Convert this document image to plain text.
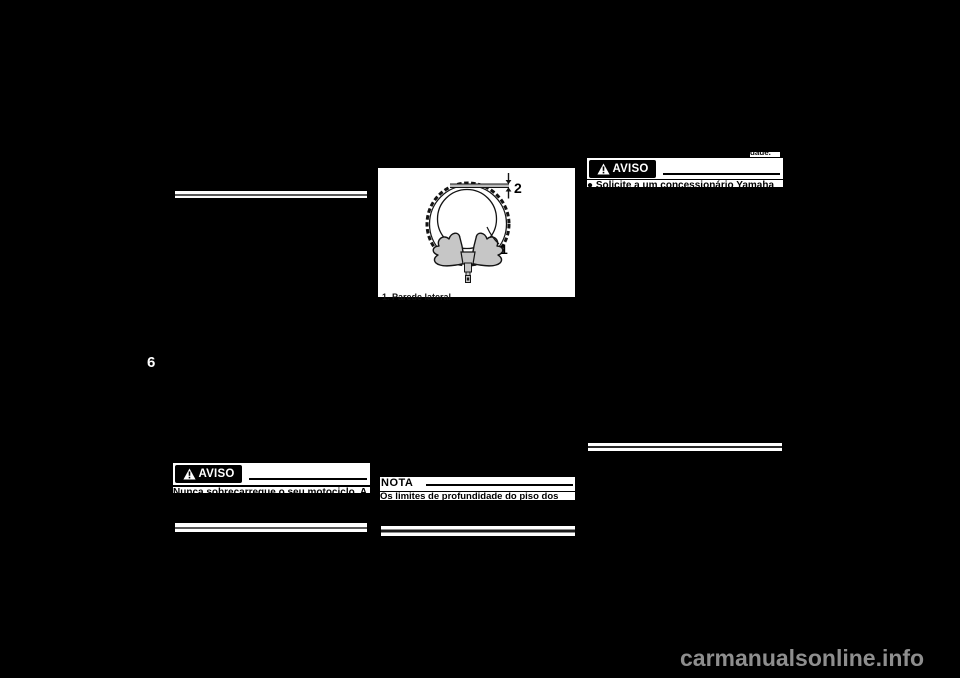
6
2
1
1. Parede lateral
AVISO
Nunca sobrecarregue o seu motociclo. A
NOTA
Os limites de profundidade do piso dos
dade.
AVISO
● Solicite a um concessionário Yamaha
carmanualsonline.info
